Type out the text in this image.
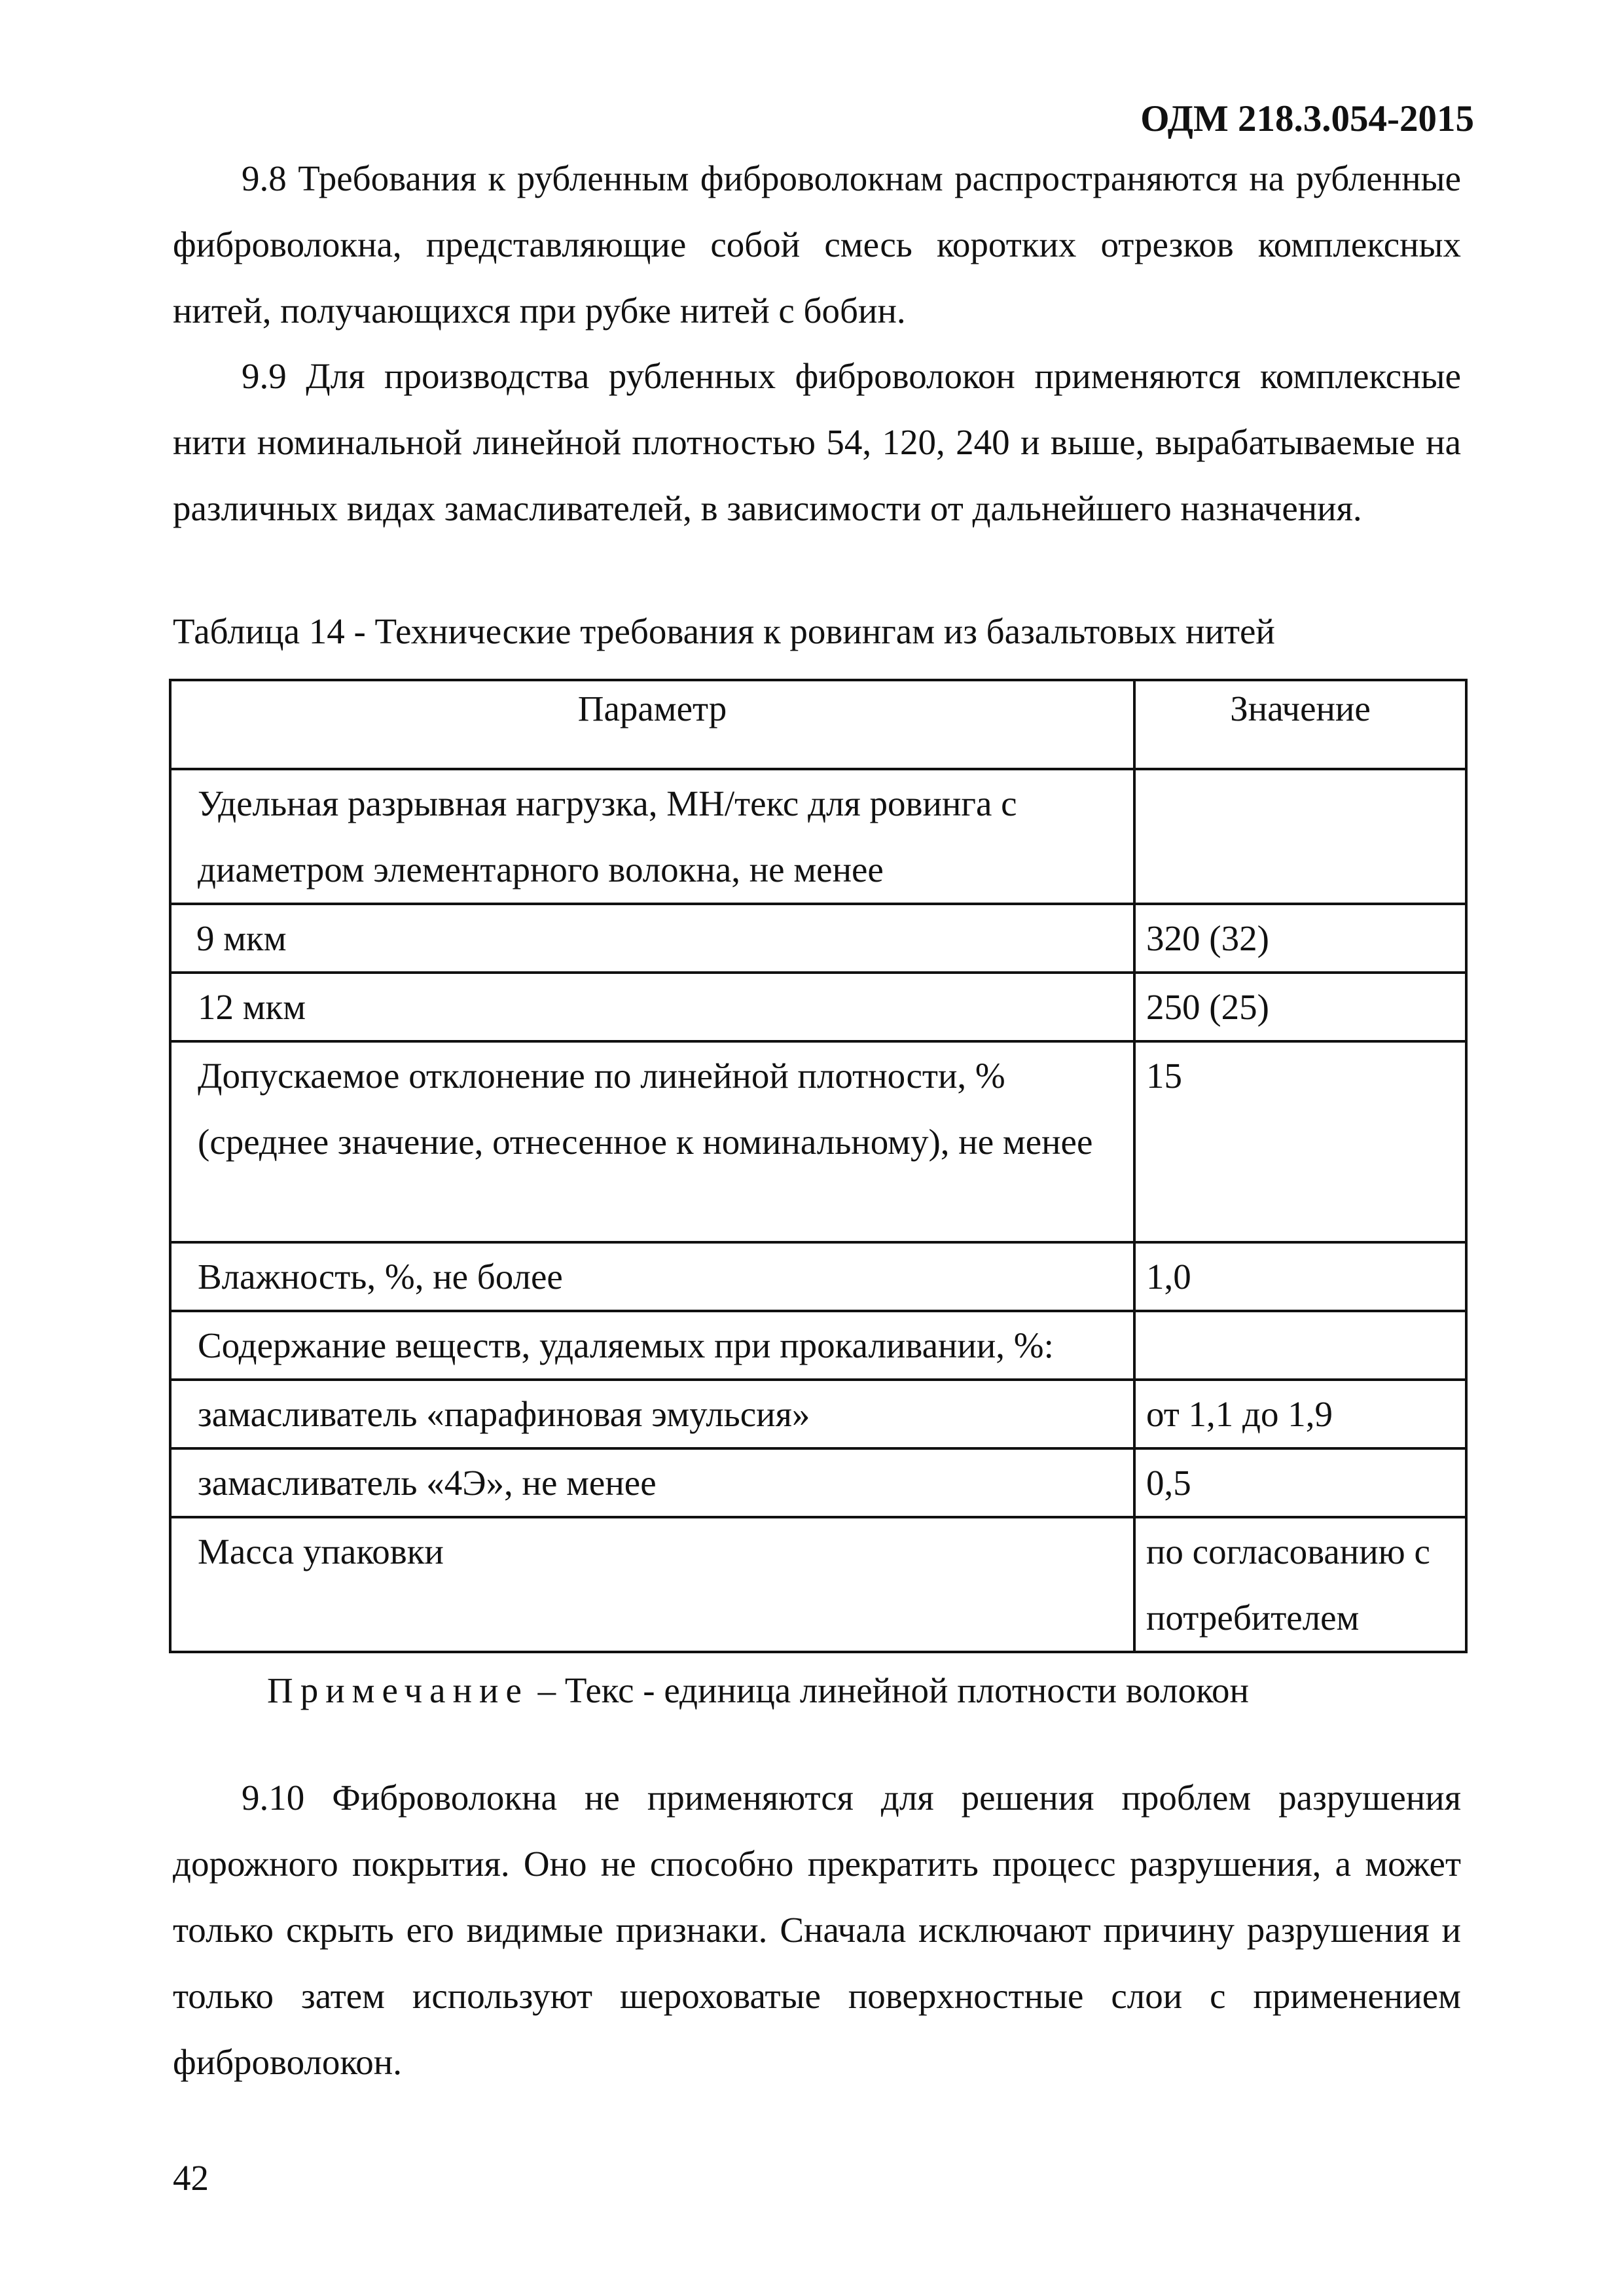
ОДМ 218.3.054-2015

9.8 Требования к рубленным фиброволокнам распространяются на рубленные фиброволокна, представляющие собой смесь коротких отрезков комплексных нитей, получающихся при рубке нитей с бобин.

9.9 Для производства рубленных фиброволокон применяются комплексные нити номинальной линейной плотностью 54, 120, 240 и выше, вырабатываемые на различных видах замасливателей, в зависимости от дальнейшего назначения.

Таблица 14 - Технические требования к ровингам из базальтовых нитей
Параметр	Значение
Удельная разрывная нагрузка, МН/текс для ровинга с диаметром элементарного волокна, не менее	
9 мкм	320 (32)
12 мкм	250 (25)
Допускаемое отклонение по линейной плотности, % (среднее значение, отнесенное к номинальному), не менее	15
Влажность, %, не более	1,0
Содержание веществ, удаляемых при прокаливании, %:	
замасливатель «парафиновая эмульсия»	от 1,1 до 1,9
замасливатель «4Э», не менее	0,5
Масса упаковки	по согласованию с потребителем
Примечание – Текс - единица линейной плотности волокон

9.10 Фиброволокна не применяются для решения проблем разрушения дорожного покрытия. Оно не способно прекратить процесс разрушения, а может только скрыть его видимые признаки. Сначала исключают причину разрушения и только затем используют шероховатые поверхностные слои с применением фиброволокон.

42
